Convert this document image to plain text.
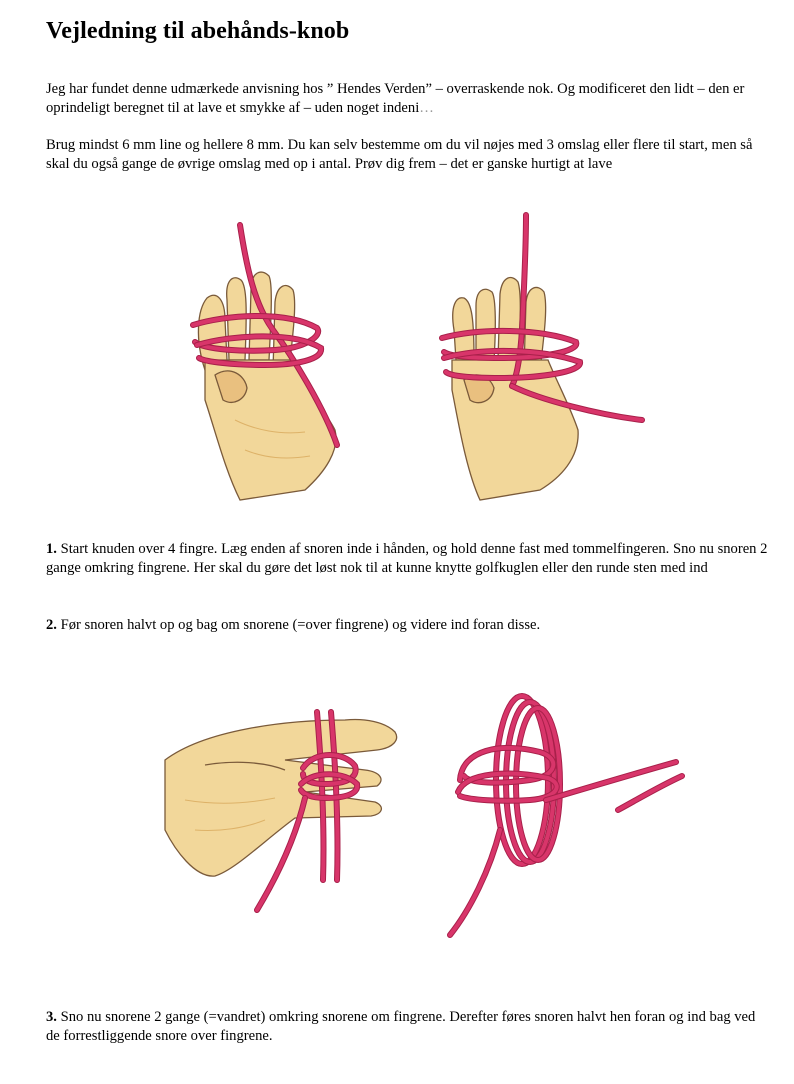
Vejledning til abehånds-knob

Jeg har fundet denne udmærkede anvisning hos ” Hendes Verden” – overraskende nok. Og modificeret den lidt – den er oprindeligt beregnet til at lave et smykke af – uden noget indeni…

Brug mindst 6 mm line og hellere 8 mm. Du kan selv bestemme om du vil nøjes med 3 omslag eller flere til start, men så skal du også gange de øvrige omslag med op i antal. Prøv dig frem – det er ganske hurtigt at lave

1. Start knuden over 4 fingre. Læg enden af snoren inde i hånden, og hold denne fast med tommelfingeren. Sno nu snoren 2 gange omkring fingrene. Her skal du gøre det løst nok til at kunne knytte golfkuglen eller den runde sten med ind

2. Før snoren halvt op og bag om snorene (=over fingrene) og videre ind foran disse.

3. Sno nu snorene 2 gange (=vandret) omkring snorene om fingrene. Derefter føres snoren halvt hen foran og ind bag ved de forrestliggende snore over fingrene.
